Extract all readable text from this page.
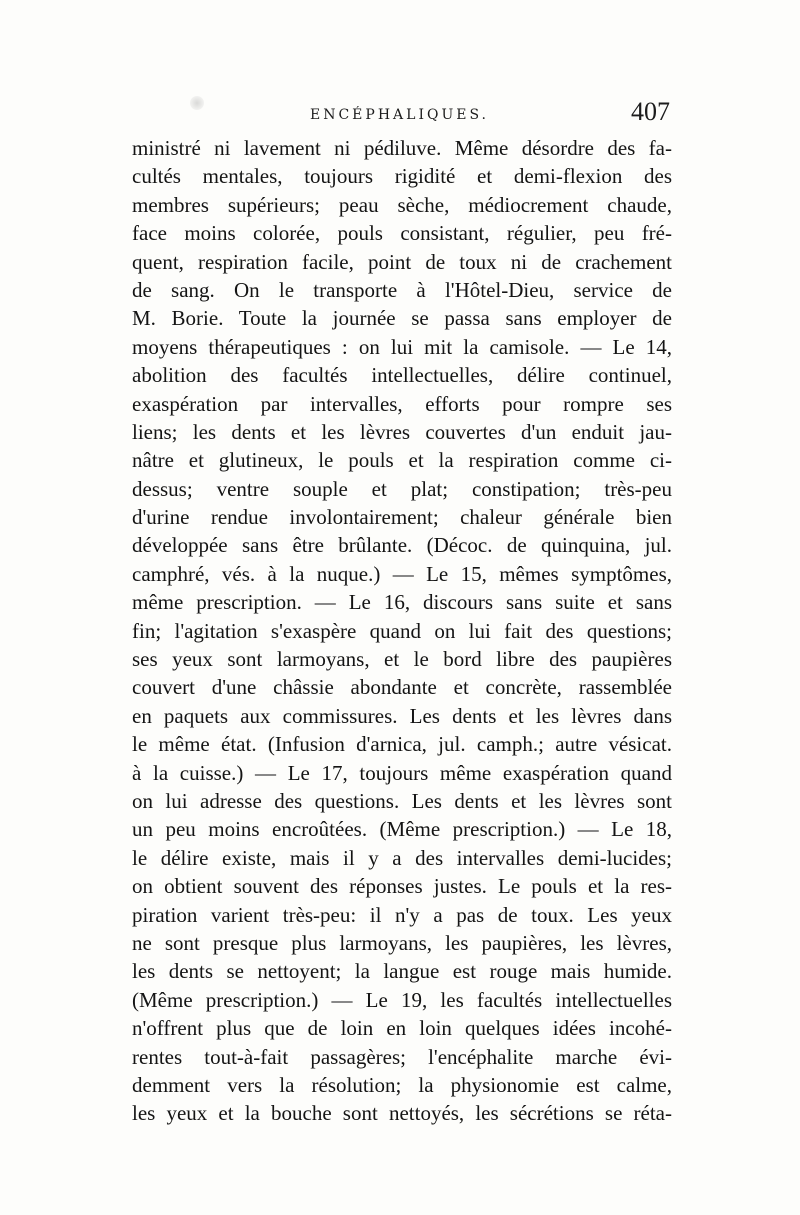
ENCÉPHALIQUES.	407
ministré ni lavement ni pédiluve. Même désordre des fa-
cultés mentales, toujours rigidité et demi-flexion des
membres supérieurs; peau sèche, médiocrement chaude,
face moins colorée, pouls consistant, régulier, peu fré-
quent, respiration facile, point de toux ni de crachement
de sang. On le transporte à l'Hôtel-Dieu, service de
M. Borie. Toute la journée se passa sans employer de
moyens thérapeutiques : on lui mit la camisole. — Le 14,
abolition des facultés intellectuelles, délire continuel,
exaspération par intervalles, efforts pour rompre ses
liens; les dents et les lèvres couvertes d'un enduit jau-
nâtre et glutineux, le pouls et la respiration comme ci-
dessus; ventre souple et plat; constipation; très-peu
d'urine rendue involontairement; chaleur générale bien
développée sans être brûlante. (Décoc. de quinquina, jul.
camphré, vés. à la nuque.) — Le 15, mêmes symptômes,
même prescription. — Le 16, discours sans suite et sans
fin; l'agitation s'exaspère quand on lui fait des questions;
ses yeux sont larmoyans, et le bord libre des paupières
couvert d'une châssie abondante et concrète, rassemblée
en paquets aux commissures. Les dents et les lèvres dans
le même état. (Infusion d'arnica, jul. camph.; autre vésicat.
à la cuisse.) — Le 17, toujours même exaspération quand
on lui adresse des questions. Les dents et les lèvres sont
un peu moins encroûtées. (Même prescription.) — Le 18,
le délire existe, mais il y a des intervalles demi-lucides;
on obtient souvent des réponses justes. Le pouls et la res-
piration varient très-peu: il n'y a pas de toux. Les yeux
ne sont presque plus larmoyans, les paupières, les lèvres,
les dents se nettoyent; la langue est rouge mais humide.
(Même prescription.) — Le 19, les facultés intellectuelles
n'offrent plus que de loin en loin quelques idées incohé-
rentes tout-à-fait passagères; l'encéphalite marche évi-
demment vers la résolution; la physionomie est calme,
les yeux et la bouche sont nettoyés, les sécrétions se réta-
